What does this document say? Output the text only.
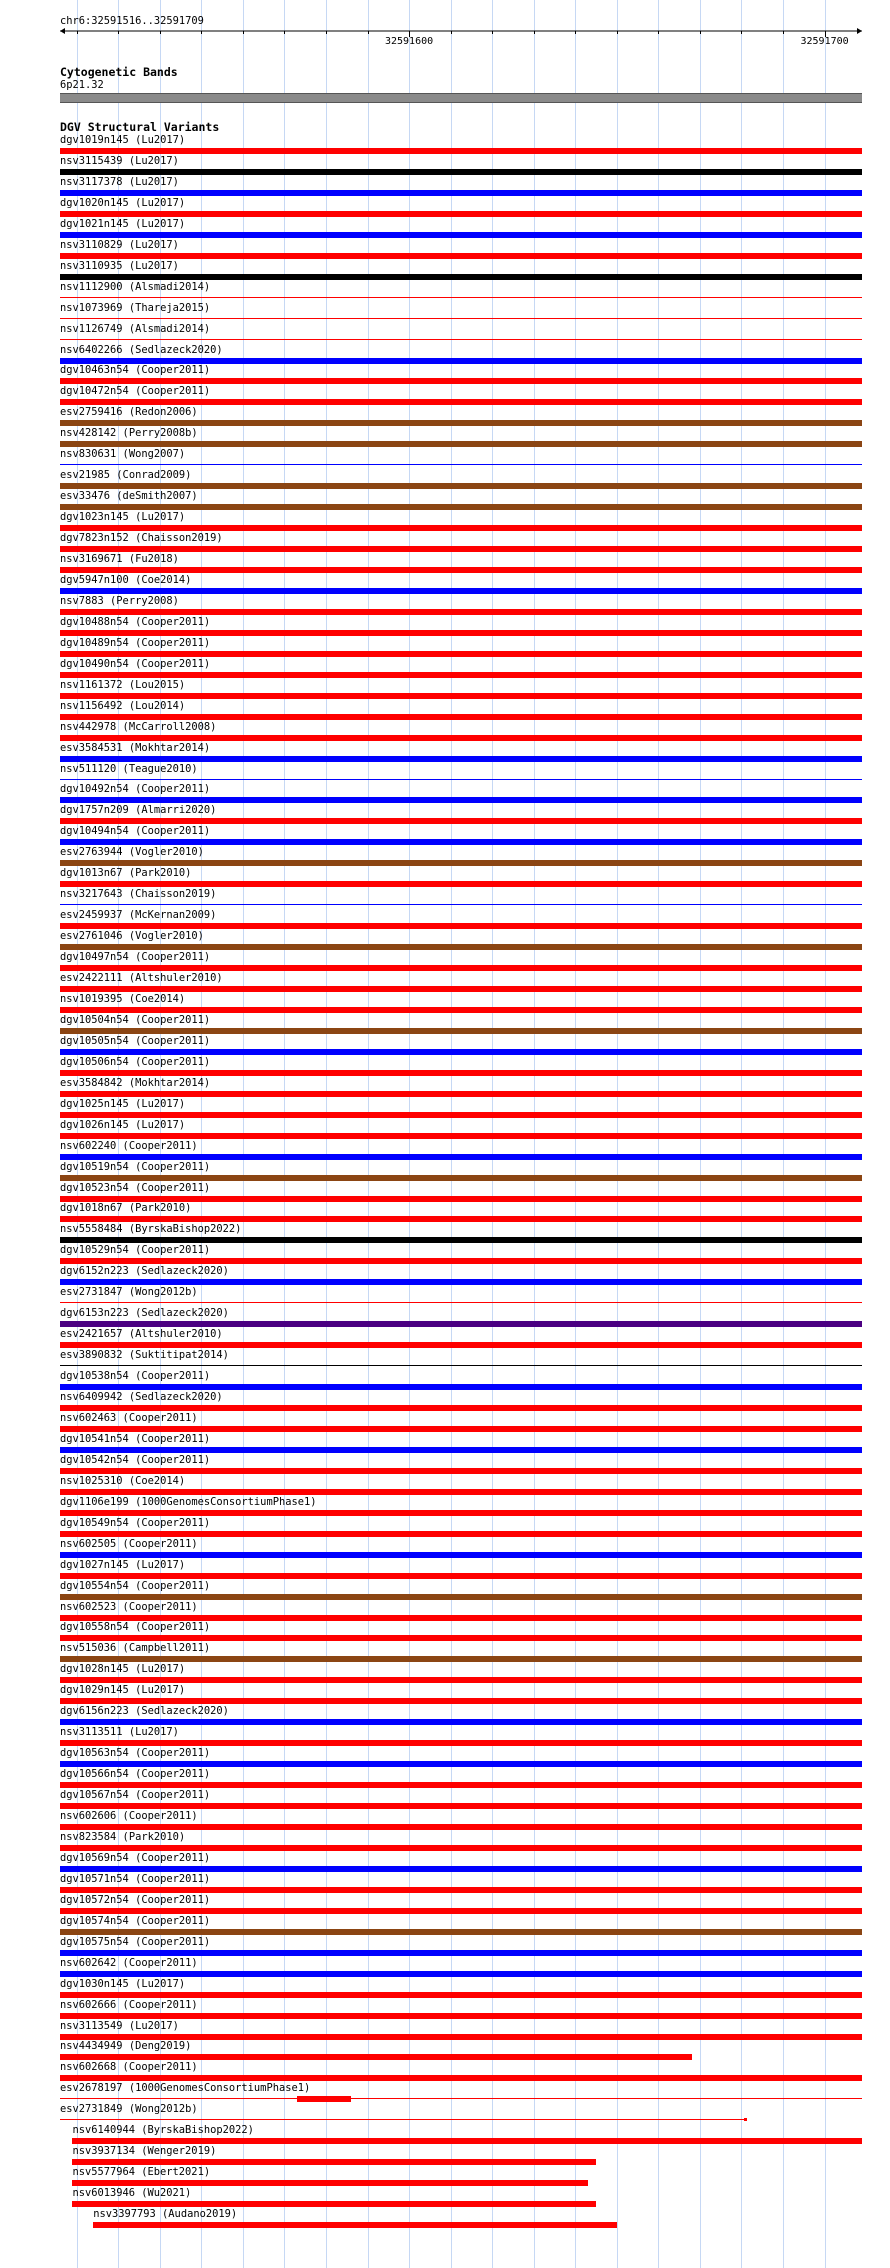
chr6:32591516..32591709
32591600	32591700
Cytogenetic Bands
6p21.32
DGV Structural Variants
dgv1019n145 (Lu2017)
nsv3115439 (Lu2017)
nsv3117378 (Lu2017)
dgv1020n145 (Lu2017)
dgv1021n145 (Lu2017)
nsv3110829 (Lu2017)
nsv3110935 (Lu2017)
nsv1112900 (Alsmadi2014)
nsv1073969 (Thareja2015)
nsv1126749 (Alsmadi2014)
nsv6402266 (Sedlazeck2020)
dgv10463n54 (Cooper2011)
dgv10472n54 (Cooper2011)
esv2759416 (Redon2006)
nsv428142 (Perry2008b)
nsv830631 (Wong2007)
esv21985 (Conrad2009)
esv33476 (deSmith2007)
dgv1023n145 (Lu2017)
dgv7823n152 (Chaisson2019)
nsv3169671 (Fu2018)
dgv5947n100 (Coe2014)
nsv7883 (Perry2008)
dgv10488n54 (Cooper2011)
dgv10489n54 (Cooper2011)
dgv10490n54 (Cooper2011)
nsv1161372 (Lou2015)
nsv1156492 (Lou2014)
nsv442978 (McCarroll2008)
esv3584531 (Mokhtar2014)
nsv511120 (Teague2010)
dgv10492n54 (Cooper2011)
dgv1757n209 (Almarri2020)
dgv10494n54 (Cooper2011)
esv2763944 (Vogler2010)
dgv1013n67 (Park2010)
nsv3217643 (Chaisson2019)
esv2459937 (McKernan2009)
esv2761046 (Vogler2010)
dgv10497n54 (Cooper2011)
esv2422111 (Altshuler2010)
nsv1019395 (Coe2014)
dgv10504n54 (Cooper2011)
dgv10505n54 (Cooper2011)
dgv10506n54 (Cooper2011)
esv3584842 (Mokhtar2014)
dgv1025n145 (Lu2017)
dgv1026n145 (Lu2017)
nsv602240 (Cooper2011)
dgv10519n54 (Cooper2011)
dgv10523n54 (Cooper2011)
dgv1018n67 (Park2010)
nsv5558484 (ByrskaBishop2022)
dgv10529n54 (Cooper2011)
dgv6152n223 (Sedlazeck2020)
esv2731847 (Wong2012b)
dgv6153n223 (Sedlazeck2020)
esv2421657 (Altshuler2010)
esv3890832 (Suktitipat2014)
dgv10538n54 (Cooper2011)
nsv6409942 (Sedlazeck2020)
nsv602463 (Cooper2011)
dgv10541n54 (Cooper2011)
dgv10542n54 (Cooper2011)
nsv1025310 (Coe2014)
dgv1106e199 (1000GenomesConsortiumPhase1)
dgv10549n54 (Cooper2011)
nsv602505 (Cooper2011)
dgv1027n145 (Lu2017)
dgv10554n54 (Cooper2011)
nsv602523 (Cooper2011)
dgv10558n54 (Cooper2011)
nsv515036 (Campbell2011)
dgv1028n145 (Lu2017)
dgv1029n145 (Lu2017)
dgv6156n223 (Sedlazeck2020)
nsv3113511 (Lu2017)
dgv10563n54 (Cooper2011)
dgv10566n54 (Cooper2011)
dgv10567n54 (Cooper2011)
nsv602606 (Cooper2011)
nsv823584 (Park2010)
dgv10569n54 (Cooper2011)
dgv10571n54 (Cooper2011)
dgv10572n54 (Cooper2011)
dgv10574n54 (Cooper2011)
dgv10575n54 (Cooper2011)
nsv602642 (Cooper2011)
dgv1030n145 (Lu2017)
nsv602666 (Cooper2011)
nsv3113549 (Lu2017)
nsv4434949 (Deng2019)
nsv602668 (Cooper2011)
esv2678197 (1000GenomesConsortiumPhase1)
esv2731849 (Wong2012b)
nsv6140944 (ByrskaBishop2022)
nsv3937134 (Wenger2019)
nsv5577964 (Ebert2021)
nsv6013946 (Wu2021)
nsv3397793 (Audano2019)
